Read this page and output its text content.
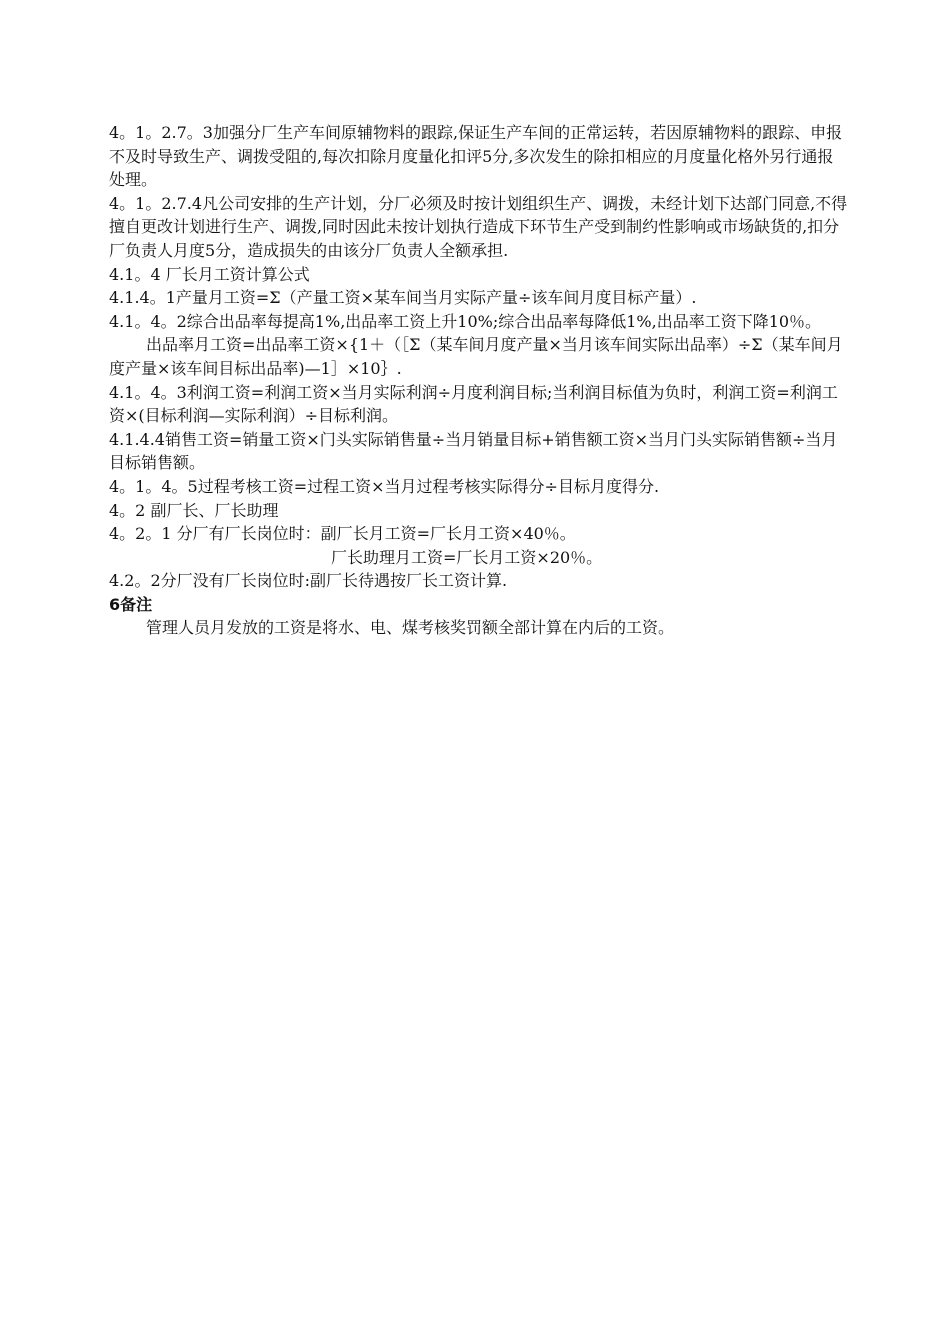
4。1。2.7。3加强分厂生产车间原辅物料的跟踪,保证生产车间的正常运转，若因原辅物料的跟踪、申报不及时导致生产、调拨受阻的,每次扣除月度量化扣评5分,多次发生的除扣相应的月度量化格外另行通报处理。

4。1。2.7.4凡公司安排的生产计划，分厂必须及时按计划组织生产、调拨，未经计划下达部门同意,不得擅自更改计划进行生产、调拨,同时因此未按计划执行造成下环节生产受到制约性影响或市场缺货的,扣分厂负责人月度5分，造成损失的由该分厂负责人全额承担.

4.1。4 厂长月工资计算公式

4.1.4。1产量月工资=Σ（产量工资×某车间当月实际产量÷该车间月度目标产量）.

4.1。4。2综合出品率每提高1%,出品率工资上升10%;综合出品率每降低1%,出品率工资下降10％。

出品率月工资=出品率工资×{1＋（［Σ（某车间月度产量×当月该车间实际出品率）÷Σ（某车间月度产量×该车间目标出品率)—1］×10｝.

4.1。4。3利润工资=利润工资×当月实际利润÷月度利润目标;当利润目标值为负时，利润工资=利润工资×(目标利润—实际利润）÷目标利润。

4.1.4.4销售工资=销量工资×门头实际销售量÷当月销量目标+销售额工资×当月门头实际销售额÷当月目标销售额。

4。1。4。5过程考核工资=过程工资×当月过程考核实际得分÷目标月度得分.

4。2 副厂长、厂长助理

4。2。1 分厂有厂长岗位时：副厂长月工资=厂长月工资×40％。

厂长助理月工资=厂长月工资×20％。

4.2。2分厂没有厂长岗位时:副厂长待遇按厂长工资计算.

6备注

管理人员月发放的工资是将水、电、煤考核奖罚额全部计算在内后的工资。
